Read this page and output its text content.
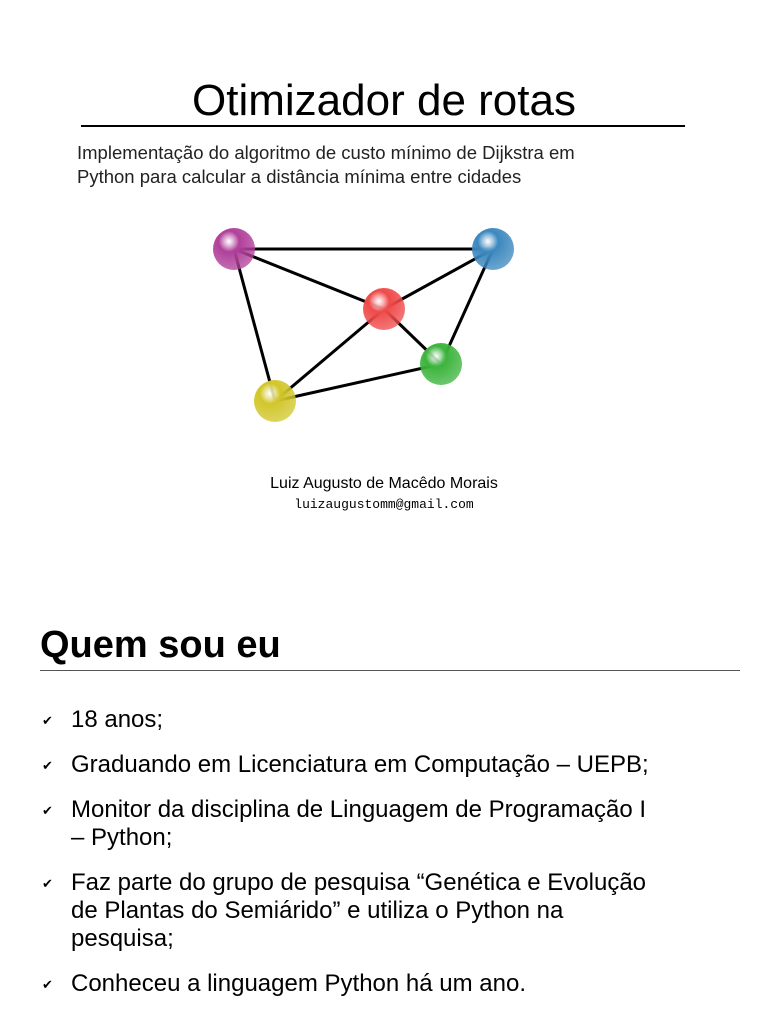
Otimizador de rotas
Implementação do algoritmo de custo mínimo de Dijkstra em
Python para calcular a distância mínima entre cidades
Luiz Augusto de Macêdo Morais
luizaugustomm@gmail.com
Quem sou eu
✔ 18 anos;
✔ Graduando em Licenciatura em Computação – UEPB;
✔ Monitor da disciplina de Linguagem de Programação I
– Python;
✔ Faz parte do grupo de pesquisa “Genética e Evolução
de Plantas do Semiárido” e utiliza o Python na
pesquisa;
✔ Conheceu a linguagem Python há um ano.
